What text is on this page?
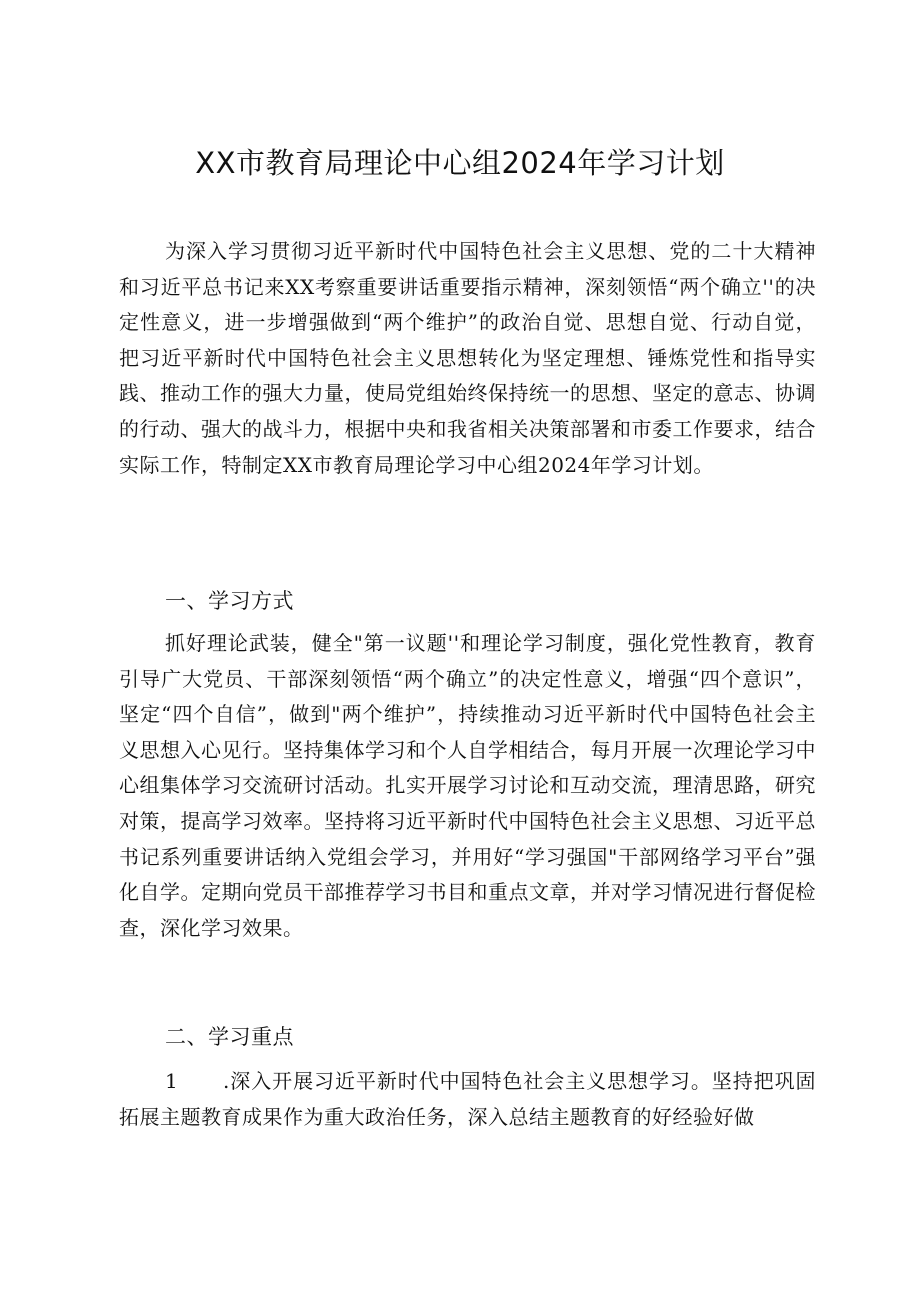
XX市教育局理论中心组2024年学习计划

为深入学习贯彻习近平新时代中国特色社会主义思想、党的二十大精神和习近平总书记来XX考察重要讲话重要指示精神，深刻领悟“两个确立''的决定性意义，进一步增强做到“两个维护”的政治自觉、思想自觉、行动自觉，把习近平新时代中国特色社会主义思想转化为坚定理想、锤炼党性和指导实践、推动工作的强大力量，使局党组始终保持统一的思想、坚定的意志、协调的行动、强大的战斗力，根据中央和我省相关决策部署和市委工作要求，结合实际工作，特制定XX市教育局理论学习中心组2024年学习计划。

一、学习方式

抓好理论武装，健全"第一议题''和理论学习制度，强化党性教育，教育引导广大党员、干部深刻领悟“两个确立”的决定性意义，增强“四个意识”，坚定“四个自信”，做到"两个维护”，持续推动习近平新时代中国特色社会主义思想入心见行。坚持集体学习和个人自学相结合，每月开展一次理论学习中心组集体学习交流研讨活动。扎实开展学习讨论和互动交流，理清思路，研究对策，提高学习效率。坚持将习近平新时代中国特色社会主义思想、习近平总书记系列重要讲话纳入党组会学习，并用好“学习强国"干部网络学习平台”强化自学。定期向党员干部推荐学习书目和重点文章，并对学习情况进行督促检查，深化学习效果。

二、学习重点

1 .深入开展习近平新时代中国特色社会主义思想学习。坚持把巩固拓展主题教育成果作为重大政治任务，深入总结主题教育的好经验好做
